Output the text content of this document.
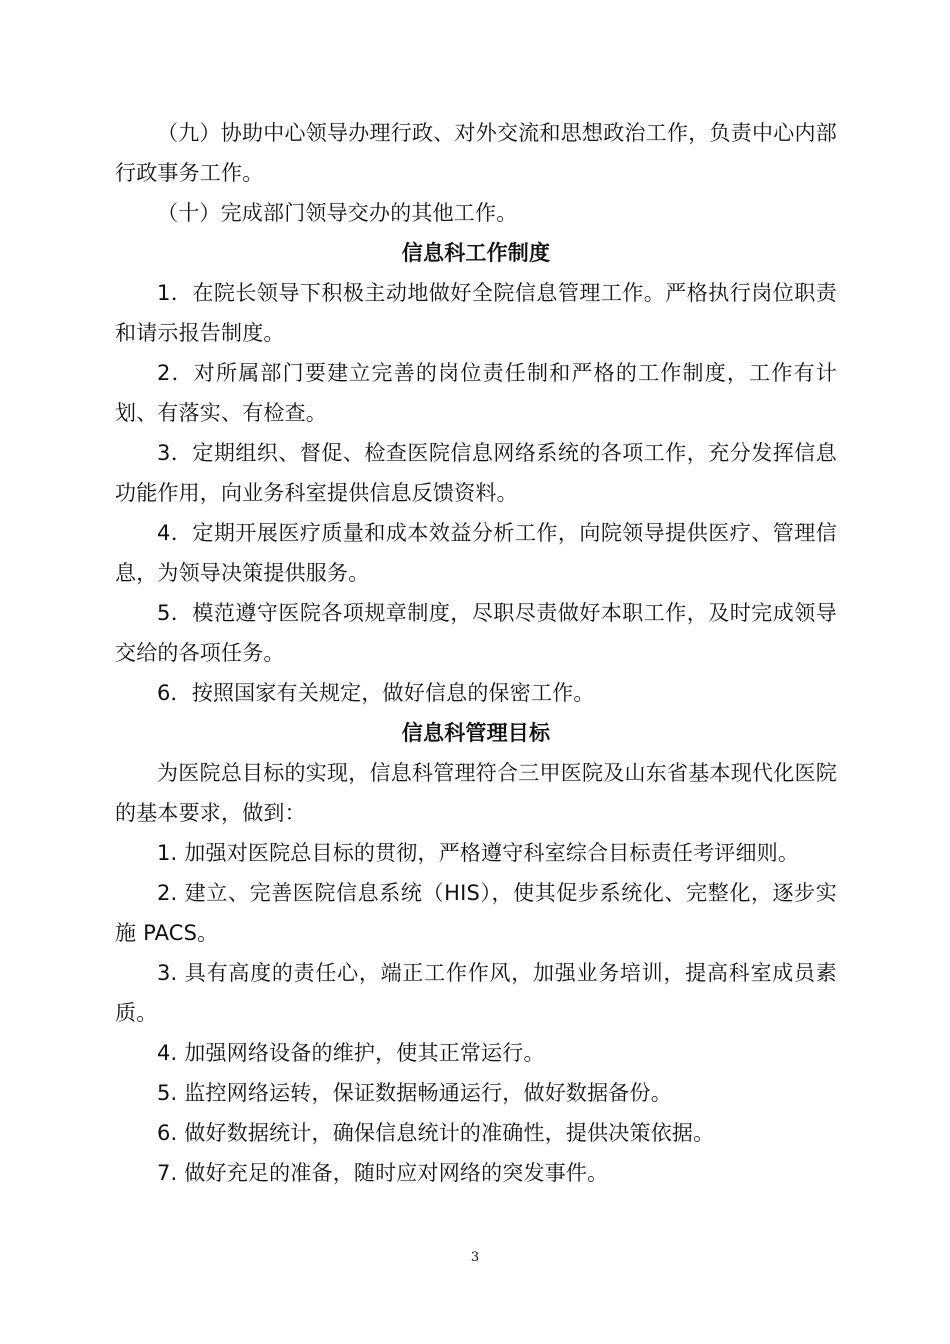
（九）协助中心领导办理行政、对外交流和思想政治工作，负责中心内部行政事务工作。

（十）完成部门领导交办的其他工作。

信息科工作制度

1．在院长领导下积极主动地做好全院信息管理工作。严格执行岗位职责和请示报告制度。

2．对所属部门要建立完善的岗位责任制和严格的工作制度，工作有计划、有落实、有检查。

3．定期组织、督促、检查医院信息网络系统的各项工作，充分发挥信息功能作用，向业务科室提供信息反馈资料。

4．定期开展医疗质量和成本效益分析工作，向院领导提供医疗、管理信息，为领导决策提供服务。

5．模范遵守医院各项规章制度，尽职尽责做好本职工作，及时完成领导交给的各项任务。

6．按照国家有关规定，做好信息的保密工作。

信息科管理目标

为医院总目标的实现，信息科管理符合三甲医院及山东省基本现代化医院的基本要求，做到：

1. 加强对医院总目标的贯彻，严格遵守科室综合目标责任考评细则。

2. 建立、完善医院信息系统（HIS），使其促步系统化、完整化，逐步实施 PACS。

3. 具有高度的责任心，端正工作作风，加强业务培训，提高科室成员素质。

4. 加强网络设备的维护，使其正常运行。

5. 监控网络运转，保证数据畅通运行，做好数据备份。

6. 做好数据统计，确保信息统计的准确性，提供决策依据。

7. 做好充足的准备，随时应对网络的突发事件。

3
